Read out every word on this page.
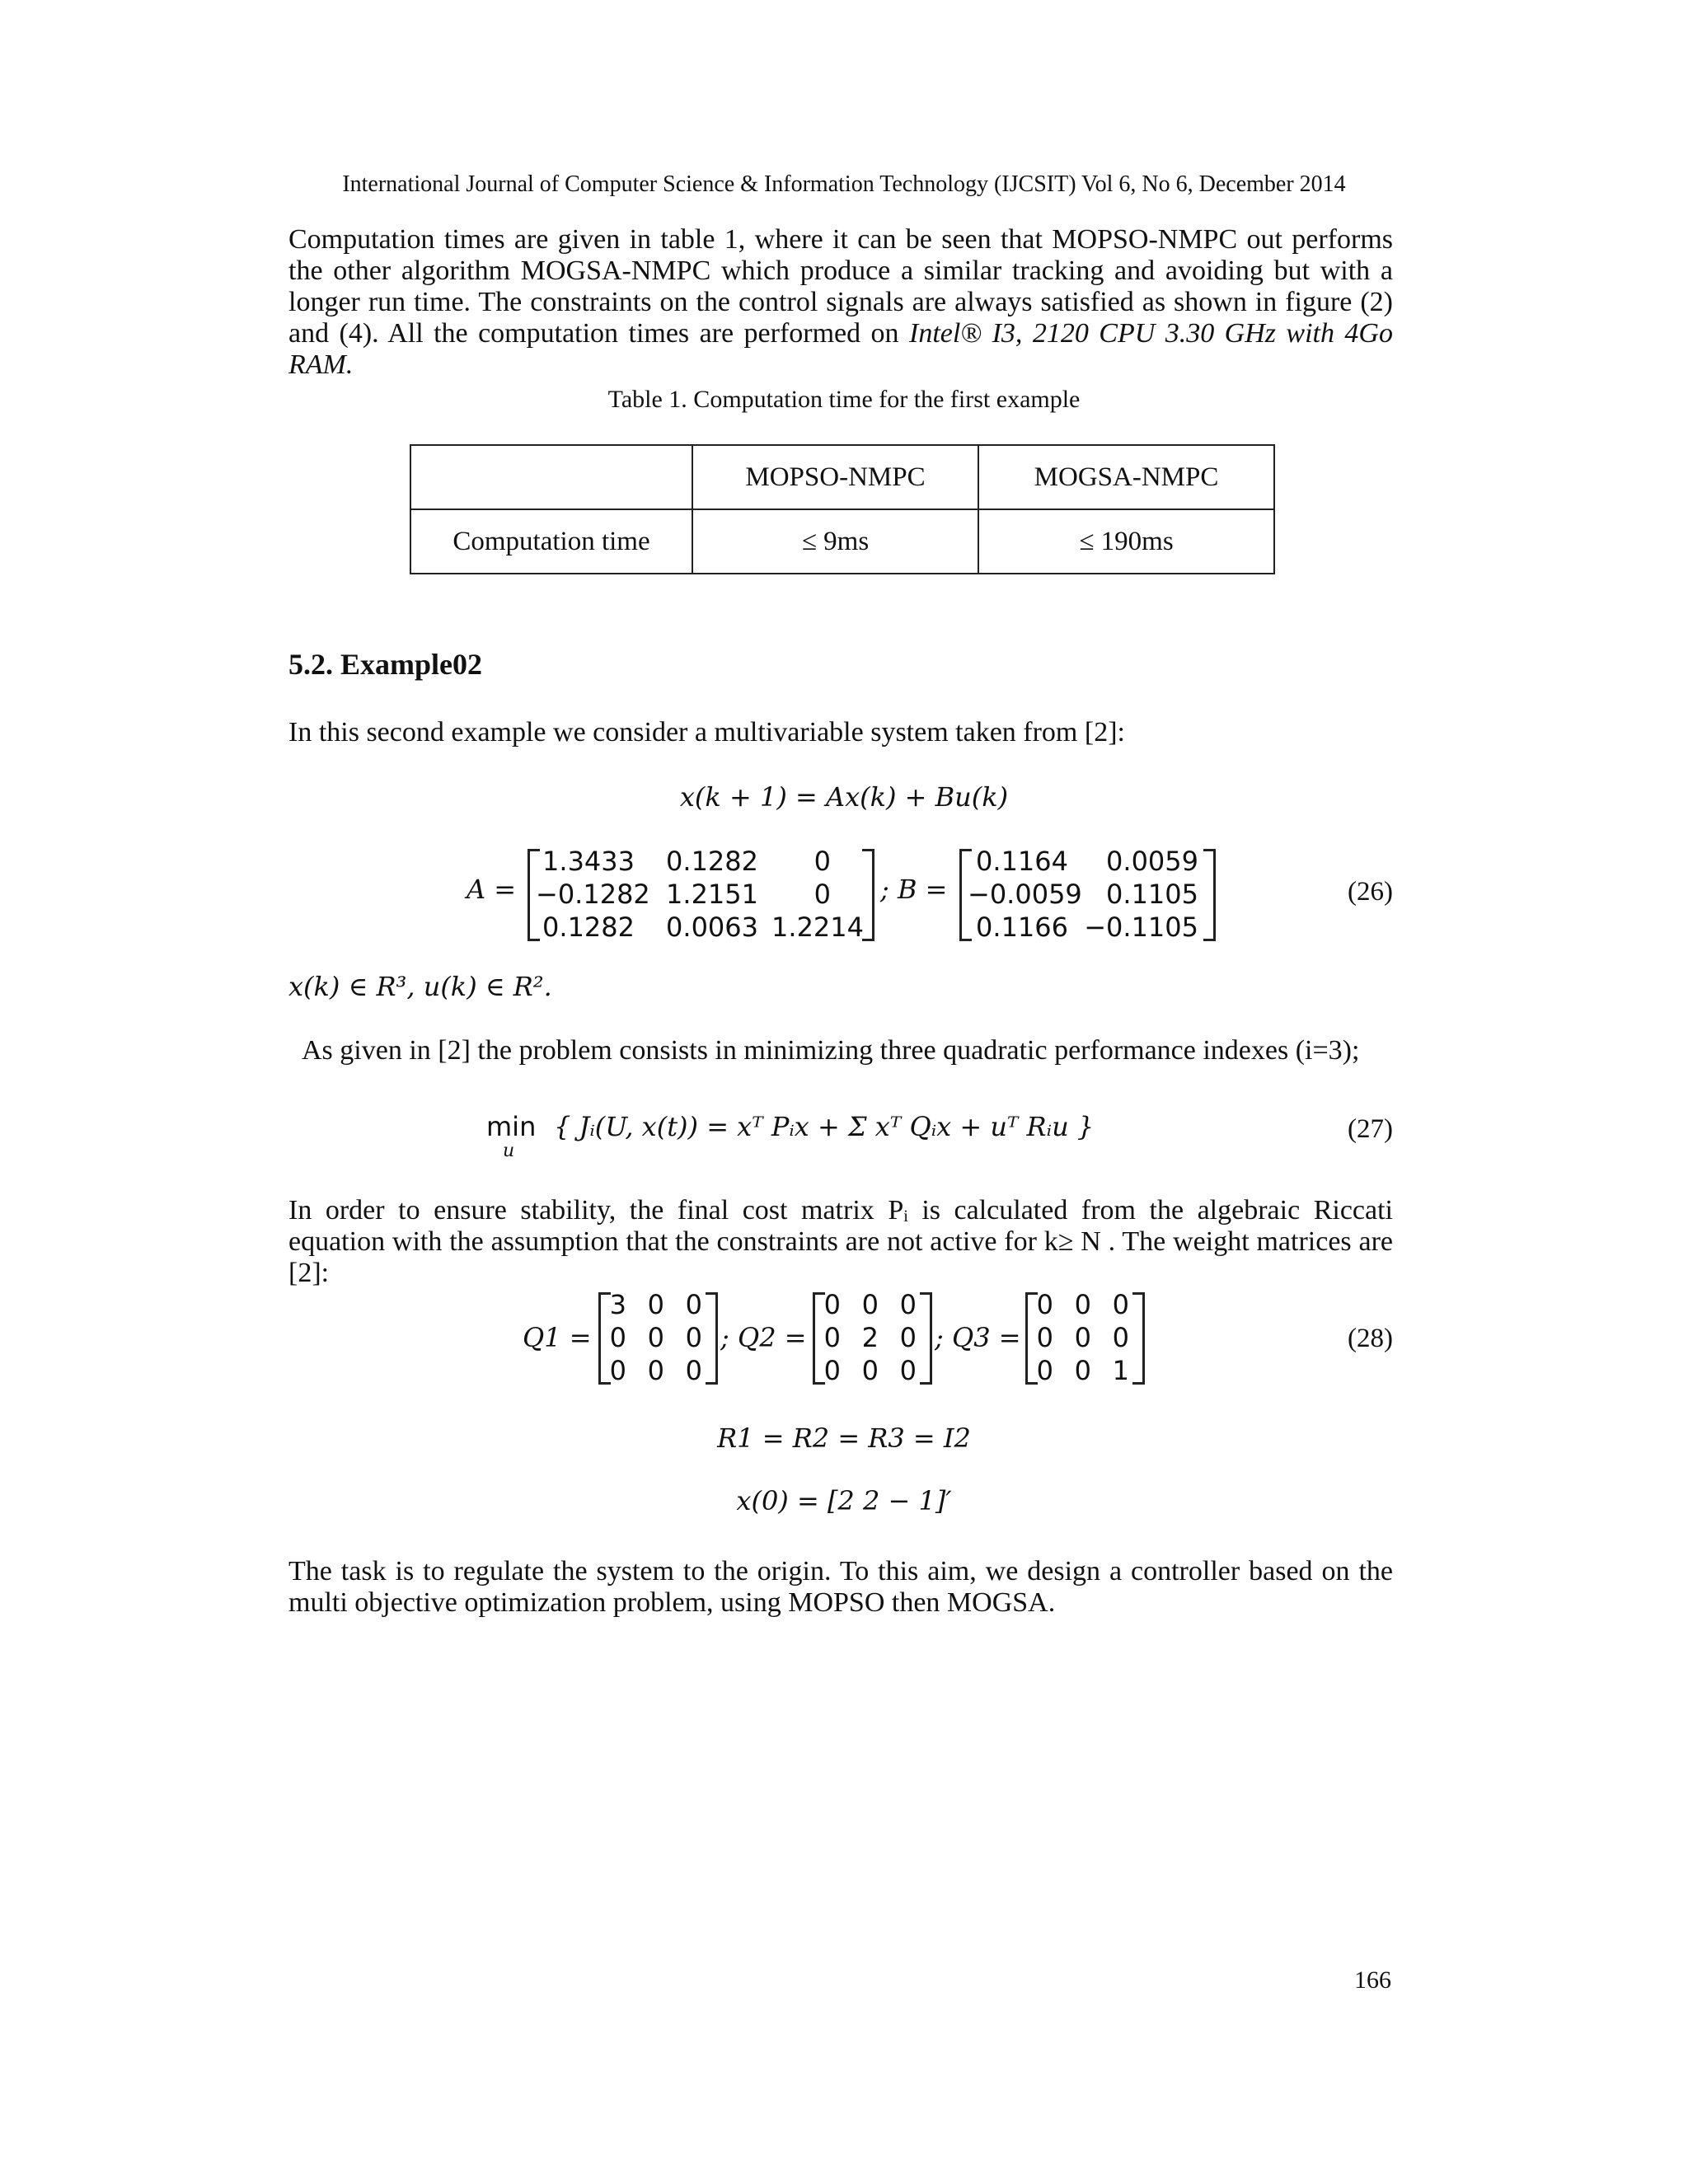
International Journal of Computer Science & Information Technology (IJCSIT) Vol 6, No 6, December 2014
Computation times are given in table 1, where it can be seen that MOPSO-NMPC out performs the other algorithm MOGSA-NMPC which produce a similar tracking and avoiding but with a longer run time. The constraints on the control signals are always satisfied as shown in figure (2) and (4). All the computation times are performed on Intel® I3, 2120 CPU 3.30 GHz with 4Go RAM.
Table 1. Computation time for the first example
	MOPSO-NMPC	MOGSA-NMPC
Computation time	≤ 9ms	≤ 190ms
5.2. Example02
In this second example we consider a multivariable system taken from [2]:
x(k + 1) = Ax(k) + Bu(k)
A =
1.3433	0.1282	0
−0.1282 1.2151	0
0.1282	0.0063 1.2214
; B =
0.1164	0.0059
−0.0059 0.1105
0.1166 −0.1105
(26)
x(k) ∈ R³, u(k) ∈ R².
As given in [2] the problem consists in minimizing three quadratic performance indexes (i=3);
min
u
{ Jᵢ(U, x(t)) = xᵀ Pᵢx + Σ xᵀ Qᵢx + uᵀ Rᵢu }	(27)
In order to ensure stability, the final cost matrix Pᵢ is calculated from the algebraic Riccati equation with the assumption that the constraints are not active for k≥ N . The weight matrices are [2]:
Q1 =
3 0 0
0 0 0
0 0 0
; Q2 =
0 0 0
0 2 0
0 0 0
; Q3 =
0 0 0
0 0 0
0 0 1
(28)
R1 = R2 = R3 = I2
x(0) = [2 2 − 1]′
The task is to regulate the system to the origin. To this aim, we design a controller based on the multi objective optimization problem, using MOPSO then MOGSA.
166
